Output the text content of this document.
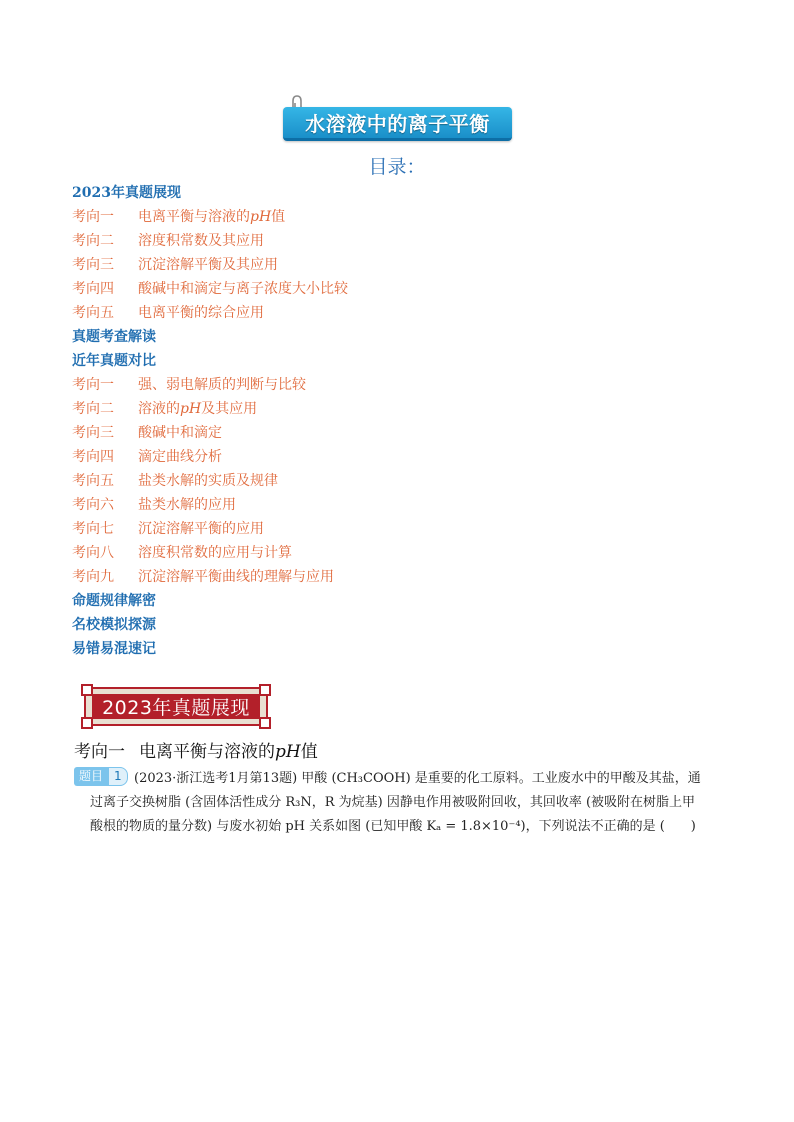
水溶液中的离子平衡
目录：
2023年真题展现
考向一 电离平衡与溶液的pH值
考向二 溶度积常数及其应用
考向三 沉淀溶解平衡及其应用
考向四 酸碱中和滴定与离子浓度大小比较
考向五 电离平衡的综合应用
真题考查解读
近年真题对比
考向一 强、弱电解质的判断与比较
考向二 溶液的pH及其应用
考向三 酸碱中和滴定
考向四 滴定曲线分析
考向五 盐类水解的实质及规律
考向六 盐类水解的应用
考向七 沉淀溶解平衡的应用
考向八 溶度积常数的应用与计算
考向九 沉淀溶解平衡曲线的理解与应用
命题规律解密
名校模拟探源
易错易混速记
2023年真题展现
考向一 电离平衡与溶液的pH值
题目 1 (2023·浙江选考1月第13题) 甲酸 (CH₃COOH) 是重要的化工原料。工业废水中的甲酸及其盐，通
过离子交换树脂 (含固体活性成分 R₃N，R 为烷基) 因静电作用被吸附回收，其回收率 (被吸附在树脂上甲
酸根的物质的量分数) 与废水初始 pH 关系如图 (已知甲酸 Kₐ = 1.8×10⁻⁴)，下列说法不正确的是 (　　)
